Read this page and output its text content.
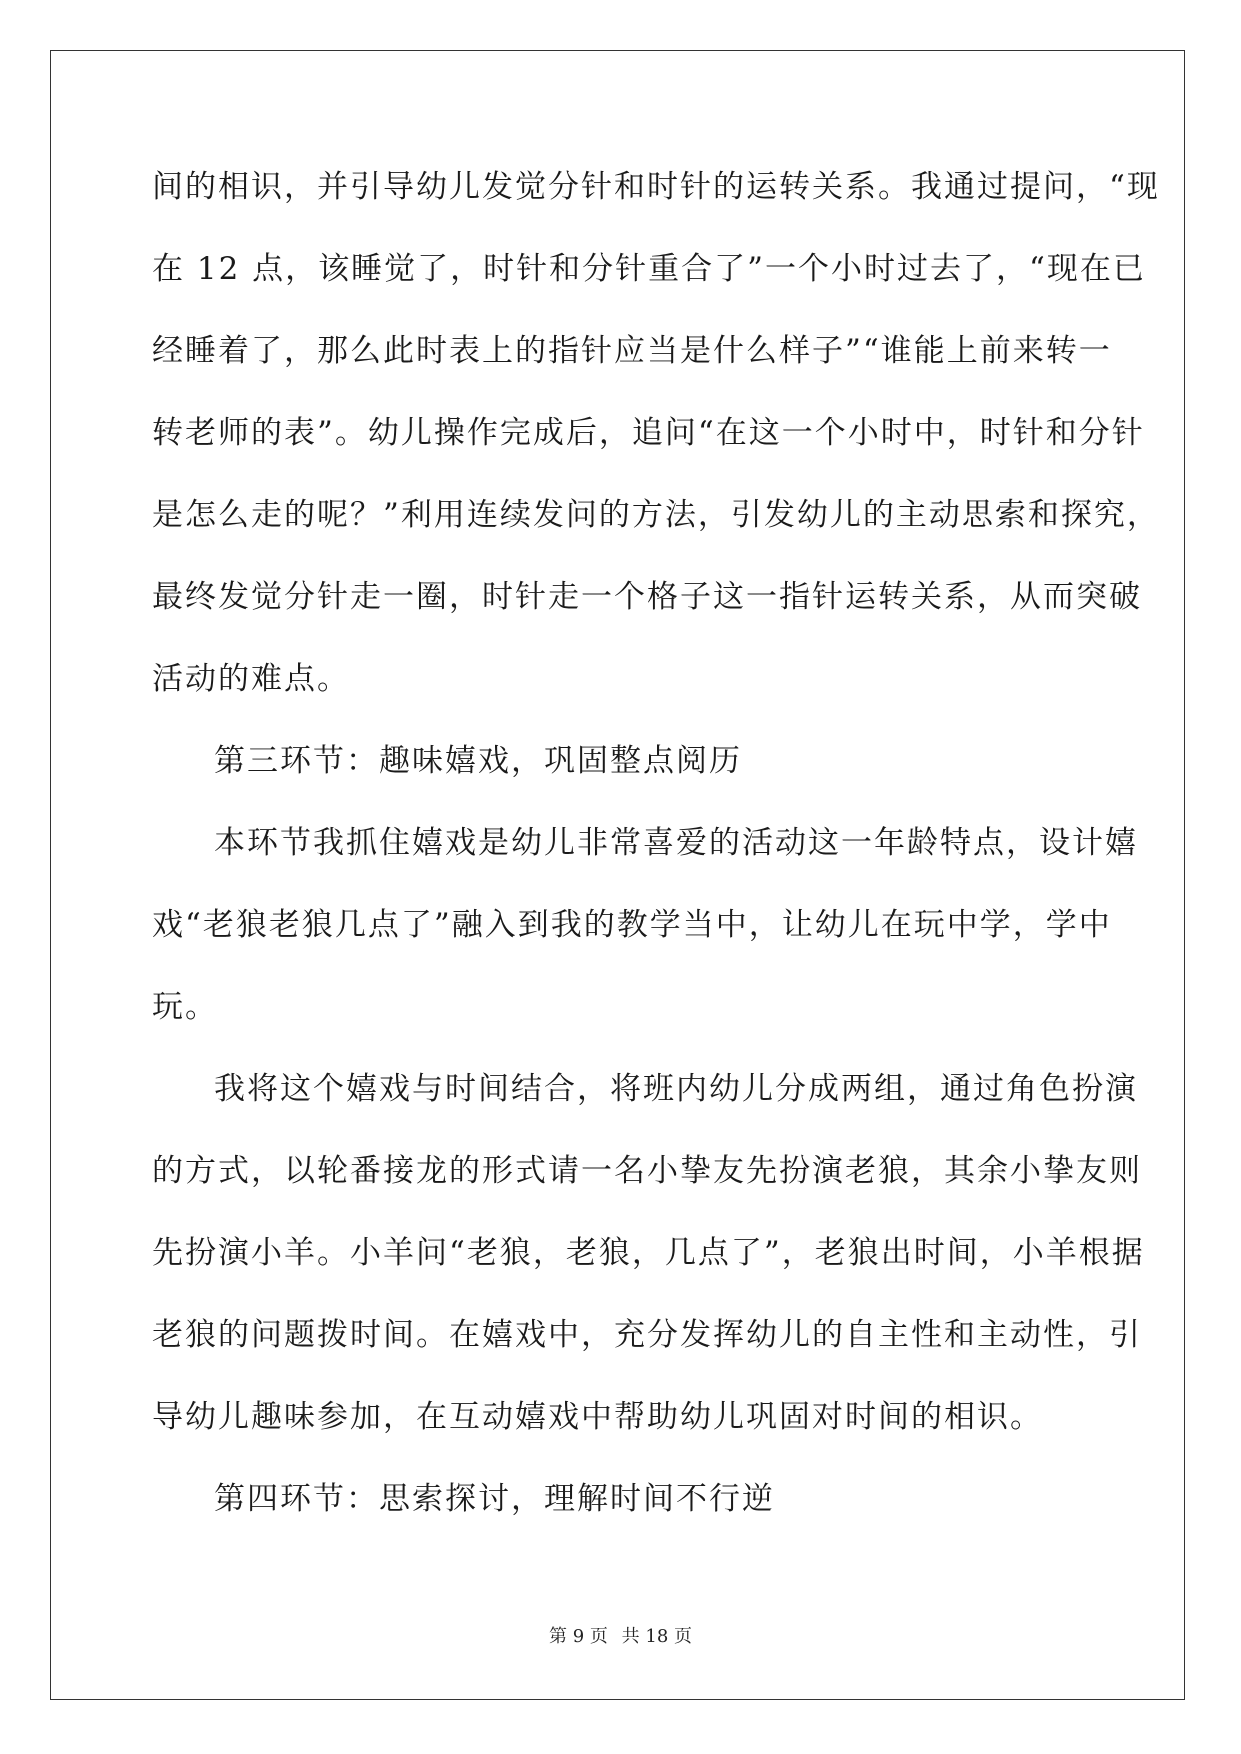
间的相识，并引导幼儿发觉分针和时针的运转关系。我通过提问，“现
在 12 点，该睡觉了，时针和分针重合了”一个小时过去了，“现在已
经睡着了，那么此时表上的指针应当是什么样子”“谁能上前来转一
转老师的表”。幼儿操作完成后，追问“在这一个小时中，时针和分针
是怎么走的呢？”利用连续发问的方法，引发幼儿的主动思索和探究，
最终发觉分针走一圈，时针走一个格子这一指针运转关系，从而突破
活动的难点。
第三环节：趣味嬉戏，巩固整点阅历
本环节我抓住嬉戏是幼儿非常喜爱的活动这一年龄特点，设计嬉
戏“老狼老狼几点了”融入到我的教学当中，让幼儿在玩中学，学中
玩。
我将这个嬉戏与时间结合，将班内幼儿分成两组，通过角色扮演
的方式，以轮番接龙的形式请一名小挚友先扮演老狼，其余小挚友则
先扮演小羊。小羊问“老狼，老狼，几点了”，老狼出时间，小羊根据
老狼的问题拨时间。在嬉戏中，充分发挥幼儿的自主性和主动性，引
导幼儿趣味参加，在互动嬉戏中帮助幼儿巩固对时间的相识。
第四环节：思索探讨，理解时间不行逆
第 9 页 共 18 页
